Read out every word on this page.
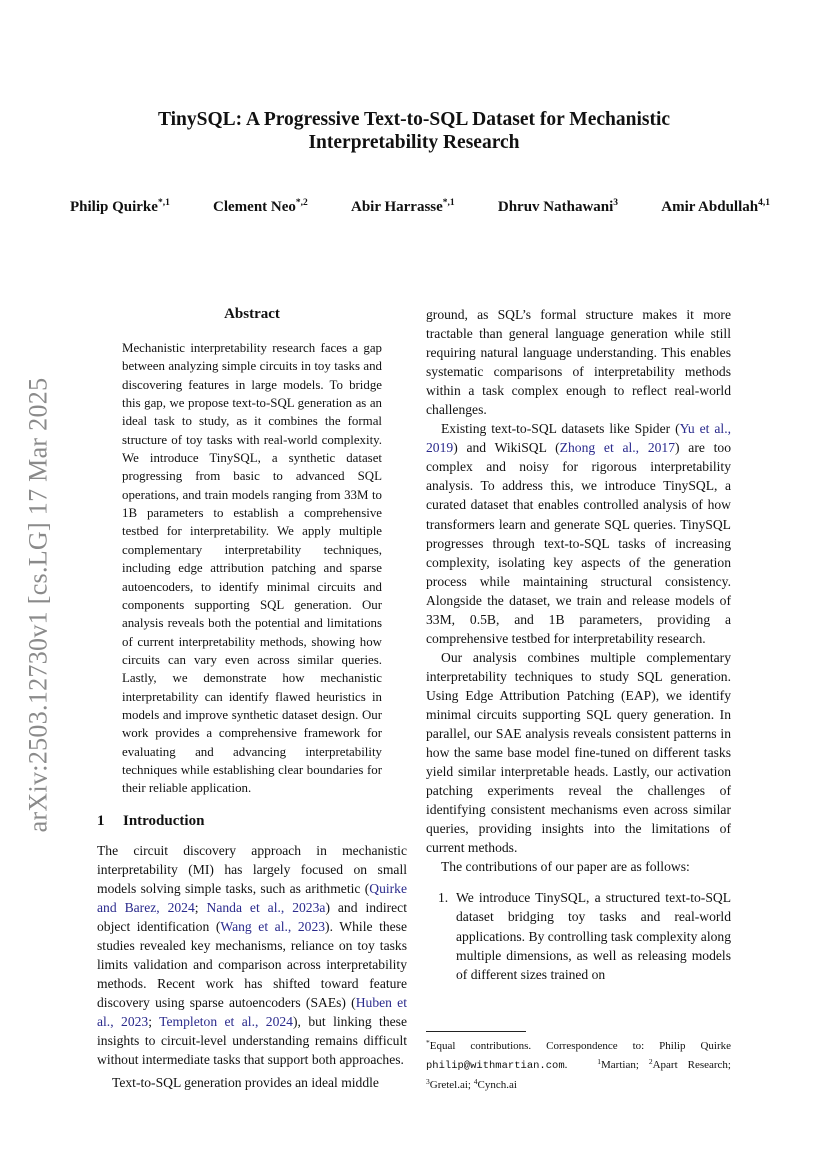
arXiv:2503.12730v1 [cs.LG] 17 Mar 2025
TinySQL: A Progressive Text-to-SQL Dataset for Mechanistic
Interpretability Research
Philip Quirke$^{*,1}$	Clement Neo$^{*,2}$	Abir Harrasse$^{*,1}$	Dhruv Nathawani$^3$	Amir Abdullah$^{4,1}$
Abstract

Mechanistic interpretability research faces a gap between analyzing simple circuits in toy tasks and discovering features in large models. To bridge this gap, we propose text-to-SQL generation as an ideal task to study, as it combines the formal structure of toy tasks with real-world complexity. We introduce TinySQL, a synthetic dataset progressing from basic to advanced SQL operations, and train models ranging from 33M to 1B parameters to establish a comprehensive testbed for interpretability. We apply multiple complementary interpretability techniques, including edge attribution patching and sparse autoencoders, to identify minimal circuits and components supporting SQL generation. Our analysis reveals both the potential and limitations of current interpretability methods, showing how circuits can vary even across similar queries. Lastly, we demonstrate how mechanistic interpretability can identify flawed heuristics in models and improve synthetic dataset design. Our work provides a comprehensive framework for evaluating and advancing interpretability techniques while establishing clear boundaries for their reliable application.

1 Introduction

The circuit discovery approach in mechanistic interpretability (MI) has largely focused on small models solving simple tasks, such as arithmetic (Quirke and Barez, 2024; Nanda et al., 2023a) and indirect object identification (Wang et al., 2023). While these studies revealed key mechanisms, reliance on toy tasks limits validation and comparison across interpretability methods. Recent work has shifted toward feature discovery using sparse autoencoders (SAEs) (Huben et al., 2023; Templeton et al., 2024), but linking these insights to circuit-level understanding remains difficult without intermediate tasks that support both approaches.

Text-to-SQL generation provides an ideal middle

ground, as SQL’s formal structure makes it more tractable than general language generation while still requiring natural language understanding. This enables systematic comparisons of interpretability methods within a task complex enough to reflect real-world challenges.

Existing text-to-SQL datasets like Spider (Yu et al., 2019) and WikiSQL (Zhong et al., 2017) are too complex and noisy for rigorous interpretability analysis. To address this, we introduce TinySQL, a curated dataset that enables controlled analysis of how transformers learn and generate SQL queries. TinySQL progresses through text-to-SQL tasks of increasing complexity, isolating key aspects of the generation process while maintaining structural consistency. Alongside the dataset, we train and release models of 33M, 0.5B, and 1B parameters, providing a comprehensive testbed for interpretability research.

Our analysis combines multiple complementary interpretability techniques to study SQL generation. Using Edge Attribution Patching (EAP), we identify minimal circuits supporting SQL query generation. In parallel, our SAE analysis reveals consistent patterns in how the same base model fine-tuned on different tasks yield similar interpretable heads. Lastly, our activation patching experiments reveal the challenges of identifying consistent mechanisms even across similar queries, providing insights into the limitations of current methods.

The contributions of our paper are as follows:

1. We introduce TinySQL, a structured text-to-SQL dataset bridging toy tasks and real-world applications. By controlling task complexity along multiple dimensions, as well as releasing models of different sizes trained on
*Equal contributions. Correspondence to: Philip Quirke philip@withmartian.com.	$^1$Martian; $^2$Apart Research; $^3$Gretel.ai; $^4$Cynch.ai
